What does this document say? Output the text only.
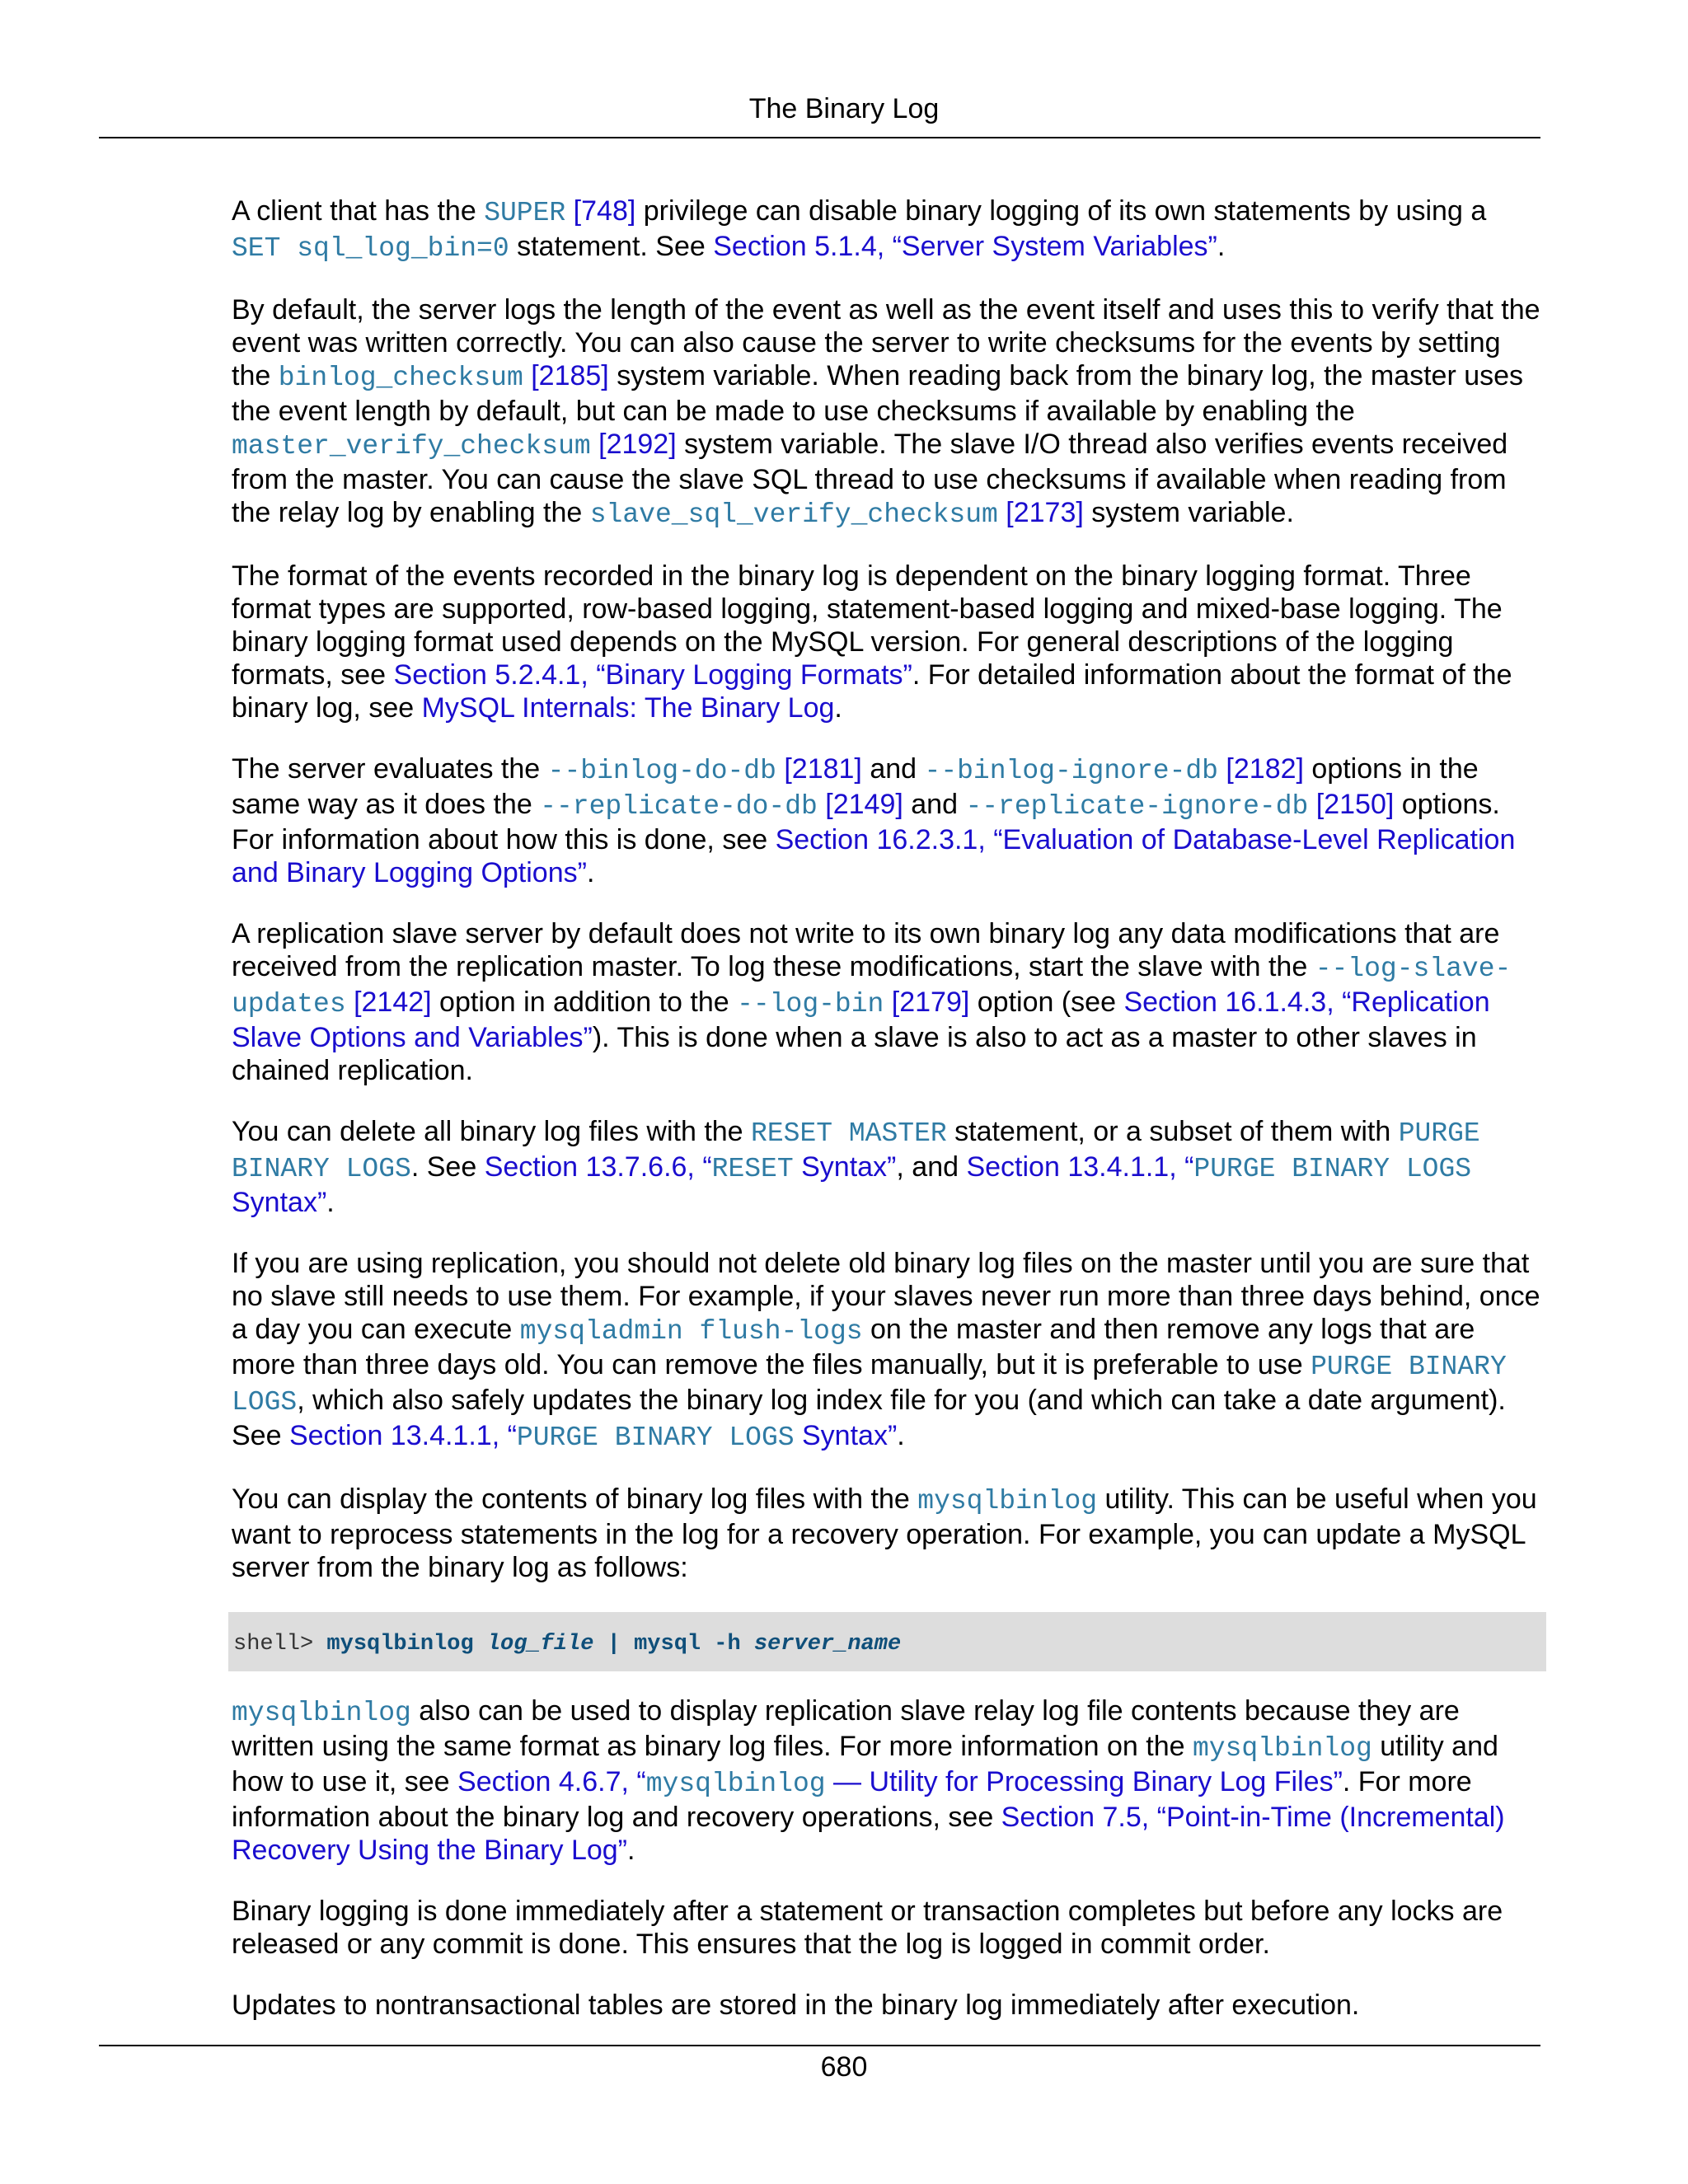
The Binary Log

A client that has the SUPER [748] privilege can disable binary logging of its own statements by using a SET sql_log_bin=0 statement. See Section 5.1.4, “Server System Variables”.

By default, the server logs the length of the event as well as the event itself and uses this to verify that the event was written correctly. You can also cause the server to write checksums for the events by setting the binlog_checksum [2185] system variable. When reading back from the binary log, the master uses the event length by default, but can be made to use checksums if available by enabling the master_verify_checksum [2192] system variable. The slave I/O thread also verifies events received from the master. You can cause the slave SQL thread to use checksums if available when reading from the relay log by enabling the slave_sql_verify_checksum [2173] system variable.

The format of the events recorded in the binary log is dependent on the binary logging format. Three format types are supported, row-based logging, statement-based logging and mixed-base logging. The binary logging format used depends on the MySQL version. For general descriptions of the logging formats, see Section 5.2.4.1, “Binary Logging Formats”. For detailed information about the format of the binary log, see MySQL Internals: The Binary Log.

The server evaluates the --binlog-do-db [2181] and --binlog-ignore-db [2182] options in the same way as it does the --replicate-do-db [2149] and --replicate-ignore-db [2150] options. For information about how this is done, see Section 16.2.3.1, “Evaluation of Database-Level Replication and Binary Logging Options”.

A replication slave server by default does not write to its own binary log any data modifications that are received from the replication master. To log these modifications, start the slave with the --log-slave-updates [2142] option in addition to the --log-bin [2179] option (see Section 16.1.4.3, “Replication Slave Options and Variables”). This is done when a slave is also to act as a master to other slaves in chained replication.

You can delete all binary log files with the RESET MASTER statement, or a subset of them with PURGE BINARY LOGS. See Section 13.7.6.6, “RESET Syntax”, and Section 13.4.1.1, “PURGE BINARY LOGS Syntax”.

If you are using replication, you should not delete old binary log files on the master until you are sure that no slave still needs to use them. For example, if your slaves never run more than three days behind, once a day you can execute mysqladmin flush-logs on the master and then remove any logs that are more than three days old. You can remove the files manually, but it is preferable to use PURGE BINARY LOGS, which also safely updates the binary log index file for you (and which can take a date argument). See Section 13.4.1.1, “PURGE BINARY LOGS Syntax”.

You can display the contents of binary log files with the mysqlbinlog utility. This can be useful when you want to reprocess statements in the log for a recovery operation. For example, you can update a MySQL server from the binary log as follows:

shell> mysqlbinlog log_file | mysql -h server_name

mysqlbinlog also can be used to display replication slave relay log file contents because they are written using the same format as binary log files. For more information on the mysqlbinlog utility and how to use it, see Section 4.6.7, “mysqlbinlog — Utility for Processing Binary Log Files”. For more information about the binary log and recovery operations, see Section 7.5, “Point-in-Time (Incremental) Recovery Using the Binary Log”.

Binary logging is done immediately after a statement or transaction completes but before any locks are released or any commit is done. This ensures that the log is logged in commit order.

Updates to nontransactional tables are stored in the binary log immediately after execution.

680
